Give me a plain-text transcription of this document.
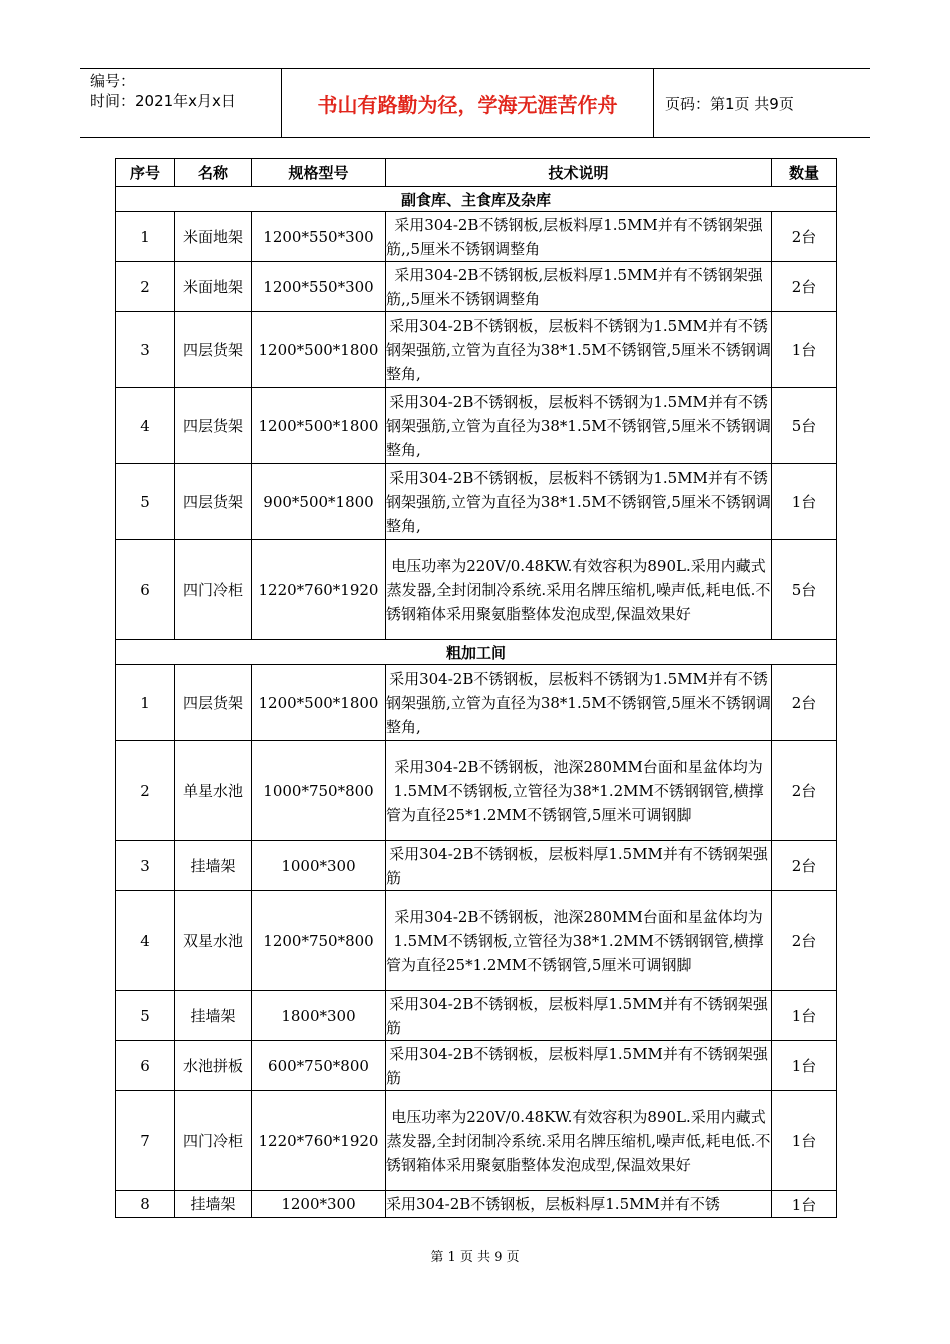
编号：
时间：2021年x月x日	书山有路勤为径，学海无涯苦作舟	页码：第1页 共9页
序号	名称	规格型号	技术说明	数量
副食库、主食库及杂库				
1	米面地架	1200*550*300	采用304-2B不锈钢板,层板料厚1.5MM并有不锈钢架强筋,,5厘米不锈钢调整角	2台
2	米面地架	1200*550*300	采用304-2B不锈钢板,层板料厚1.5MM并有不锈钢架强筋,,5厘米不锈钢调整角	2台
3	四层货架	1200*500*1800	采用304-2B不锈钢板，层板料不锈钢为1.5MM并有不锈钢架强筋,立管为直径为38*1.5M不锈钢管,5厘米不锈钢调整角,	1台
4	四层货架	1200*500*1800	采用304-2B不锈钢板，层板料不锈钢为1.5MM并有不锈钢架强筋,立管为直径为38*1.5M不锈钢管,5厘米不锈钢调整角,	5台
5	四层货架	900*500*1800	采用304-2B不锈钢板，层板料不锈钢为1.5MM并有不锈钢架强筋,立管为直径为38*1.5M不锈钢管,5厘米不锈钢调整角,	1台
6	四门冷柜	1220*760*1920	电压功率为220V/0.48KW.有效容积为890L.采用内藏式蒸发器,全封闭制冷系统.采用名牌压缩机,噪声低,耗电低.不锈钢箱体采用聚氨脂整体发泡成型,保温效果好	5台
粗加工间				
1	四层货架	1200*500*1800	采用304-2B不锈钢板，层板料不锈钢为1.5MM并有不锈钢架强筋,立管为直径为38*1.5M不锈钢管,5厘米不锈钢调整角,	2台
2	单星水池	1000*750*800	采用304-2B不锈钢板，池深280MM台面和星盆体均为1.5MM不锈钢板,立管径为38*1.2MM不锈钢钢管,横撑管为直径25*1.2MM不锈钢管,5厘米可调钢脚	2台
3	挂墙架	1000*300	采用304-2B不锈钢板，层板料厚1.5MM并有不锈钢架强筋	2台
4	双星水池	1200*750*800	采用304-2B不锈钢板，池深280MM台面和星盆体均为1.5MM不锈钢板,立管径为38*1.2MM不锈钢钢管,横撑管为直径25*1.2MM不锈钢管,5厘米可调钢脚	2台
5	挂墙架	1800*300	采用304-2B不锈钢板，层板料厚1.5MM并有不锈钢架强筋	1台
6	水池拼板	600*750*800	采用304-2B不锈钢板，层板料厚1.5MM并有不锈钢架强筋	1台
7	四门冷柜	1220*760*1920	电压功率为220V/0.48KW.有效容积为890L.采用内藏式蒸发器,全封闭制冷系统.采用名牌压缩机,噪声低,耗电低.不锈钢箱体采用聚氨脂整体发泡成型,保温效果好	1台
8	挂墙架	1200*300	采用304-2B不锈钢板，层板料厚1.5MM并有不锈	1台
第 1 页 共 9 页
